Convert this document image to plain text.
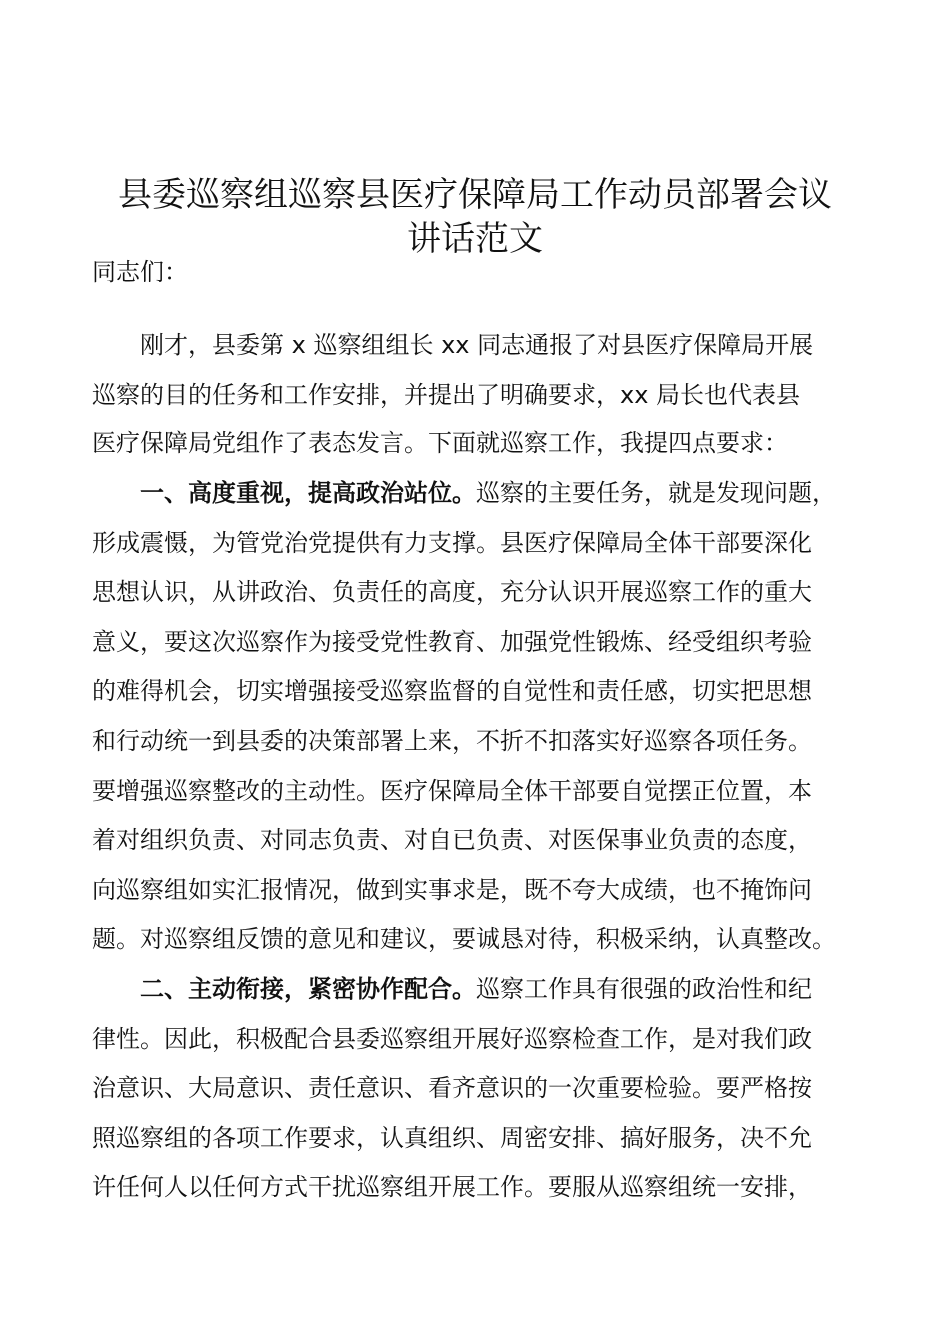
县委巡察组巡察县医疗保障局工作动员部署会议
讲话范文

同志们：

刚才，县委第 x 巡察组组长 xx 同志通报了对县医疗保障局开展

巡察的目的任务和工作安排，并提出了明确要求，xx 局长也代表县

医疗保障局党组作了表态发言。下面就巡察工作，我提四点要求：

一、高度重视，提高政治站位。巡察的主要任务，就是发现问题，

形成震慑，为管党治党提供有力支撑。县医疗保障局全体干部要深化

思想认识，从讲政治、负责任的高度，充分认识开展巡察工作的重大

意义，要这次巡察作为接受党性教育、加强党性锻炼、经受组织考验

的难得机会，切实增强接受巡察监督的自觉性和责任感，切实把思想

和行动统一到县委的决策部署上来，不折不扣落实好巡察各项任务。

要增强巡察整改的主动性。医疗保障局全体干部要自觉摆正位置，本

着对组织负责、对同志负责、对自已负责、对医保事业负责的态度，

向巡察组如实汇报情况，做到实事求是，既不夸大成绩，也不掩饰问

题。对巡察组反馈的意见和建议，要诚恳对待，积极采纳，认真整改。

二、主动衔接，紧密协作配合。巡察工作具有很强的政治性和纪

律性。因此，积极配合县委巡察组开展好巡察检查工作，是对我们政

治意识、大局意识、责任意识、看齐意识的一次重要检验。要严格按

照巡察组的各项工作要求，认真组织、周密安排、搞好服务，决不允

许任何人以任何方式干扰巡察组开展工作。要服从巡察组统一安排，
